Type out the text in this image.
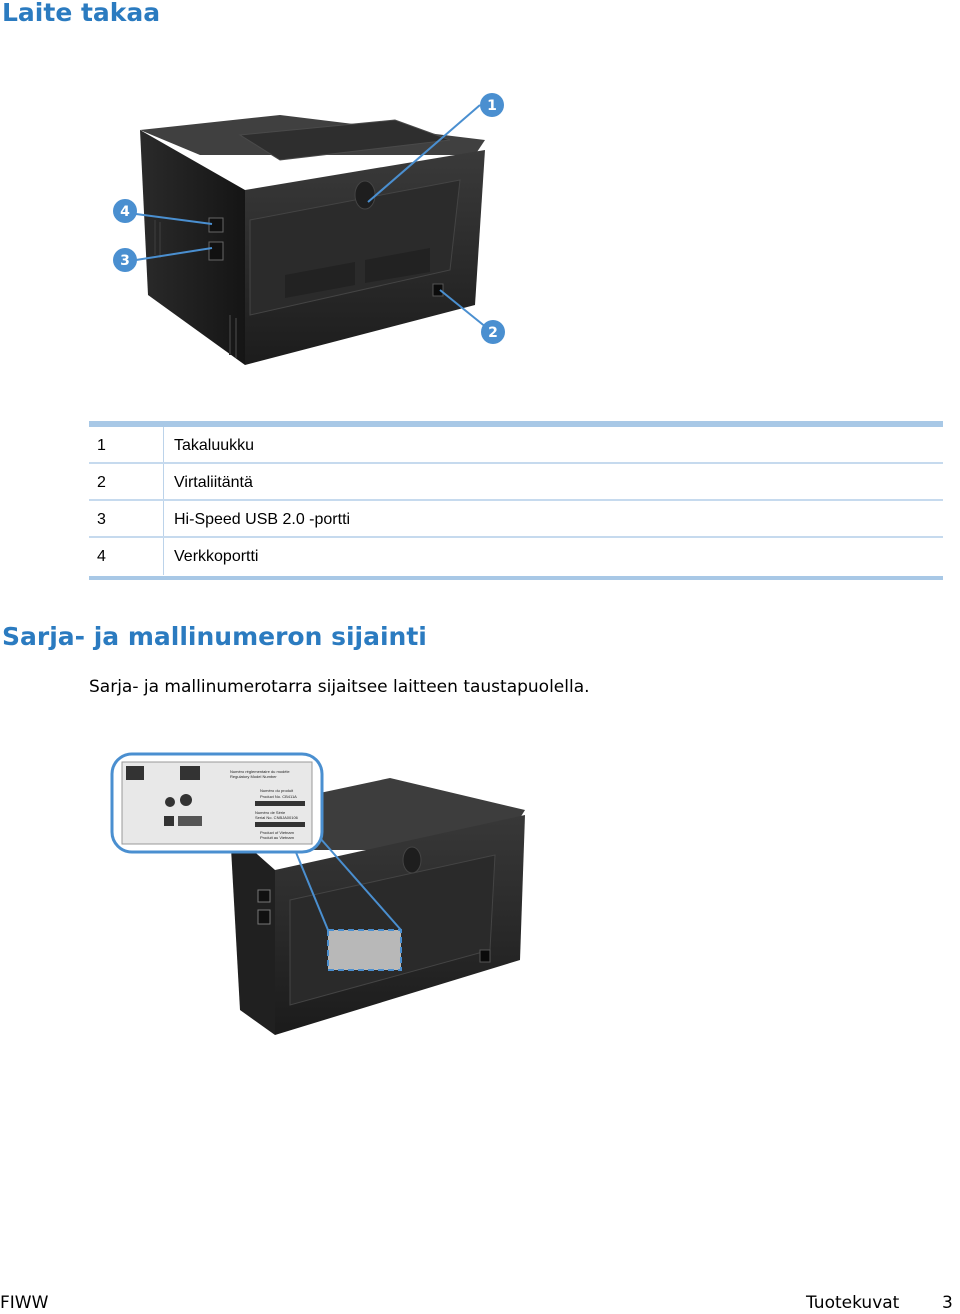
Laite takaa
1
2
3
4
1	Takaluukku
2	Virtaliitäntä
3	Hi-Speed USB 2.0 -portti
4	Verkkoportti
Sarja- ja mallinumeron sijainti

Sarja- ja mallinumerotarra sijaitsee laitteen taustapuolella.

Numéro réglementaire du modèle
Regulatory Model Number
Numéro du produit
Product No. CB411A
Numéro de Série
Serial No. CNBJA00106
Product of Vietnam
Produit au Vietnam
FIWW	Tuotekuvat	3
